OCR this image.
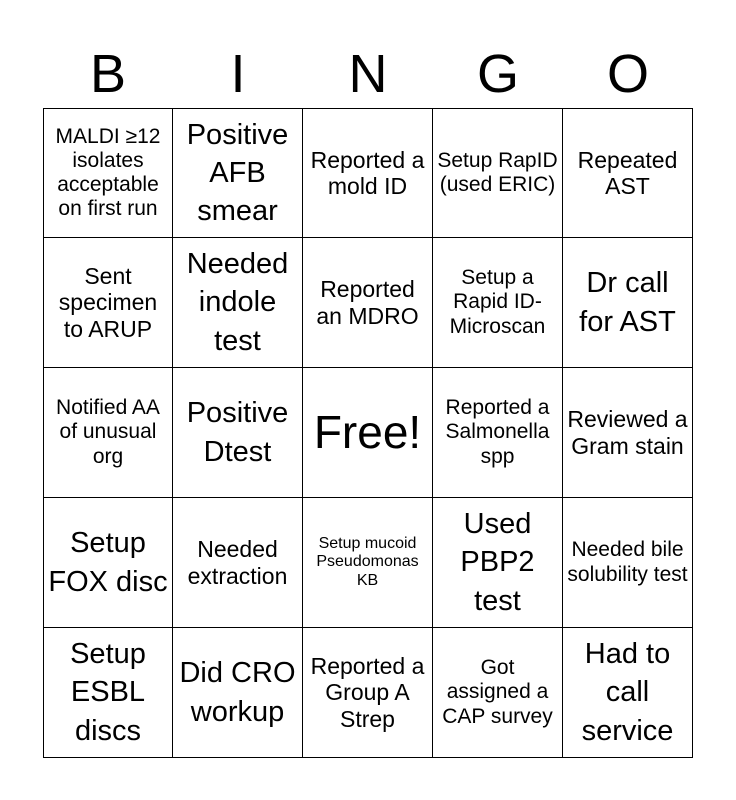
B	I	N	G	O
MALDI ≥12 isolates acceptable on first run
Positive AFB smear
Reported a mold ID
Setup RapID (used ERIC)
Repeated AST
Sent specimen to ARUP
Needed indole test
Reported an MDRO
Setup a Rapid ID-Microscan
Dr call for AST
Notified AA of unusual org
Positive Dtest Free!	Reported a Salmonella spp
Reviewed a Gram stain
Setup FOX disc
Needed extraction
Setup mucoid Pseudomonas KB
Used PBP2 test
Needed bile solubility test
Setup ESBL discs
Did CRO workup
Reported a Group A Strep
Got assigned a CAP survey
Had to call service
